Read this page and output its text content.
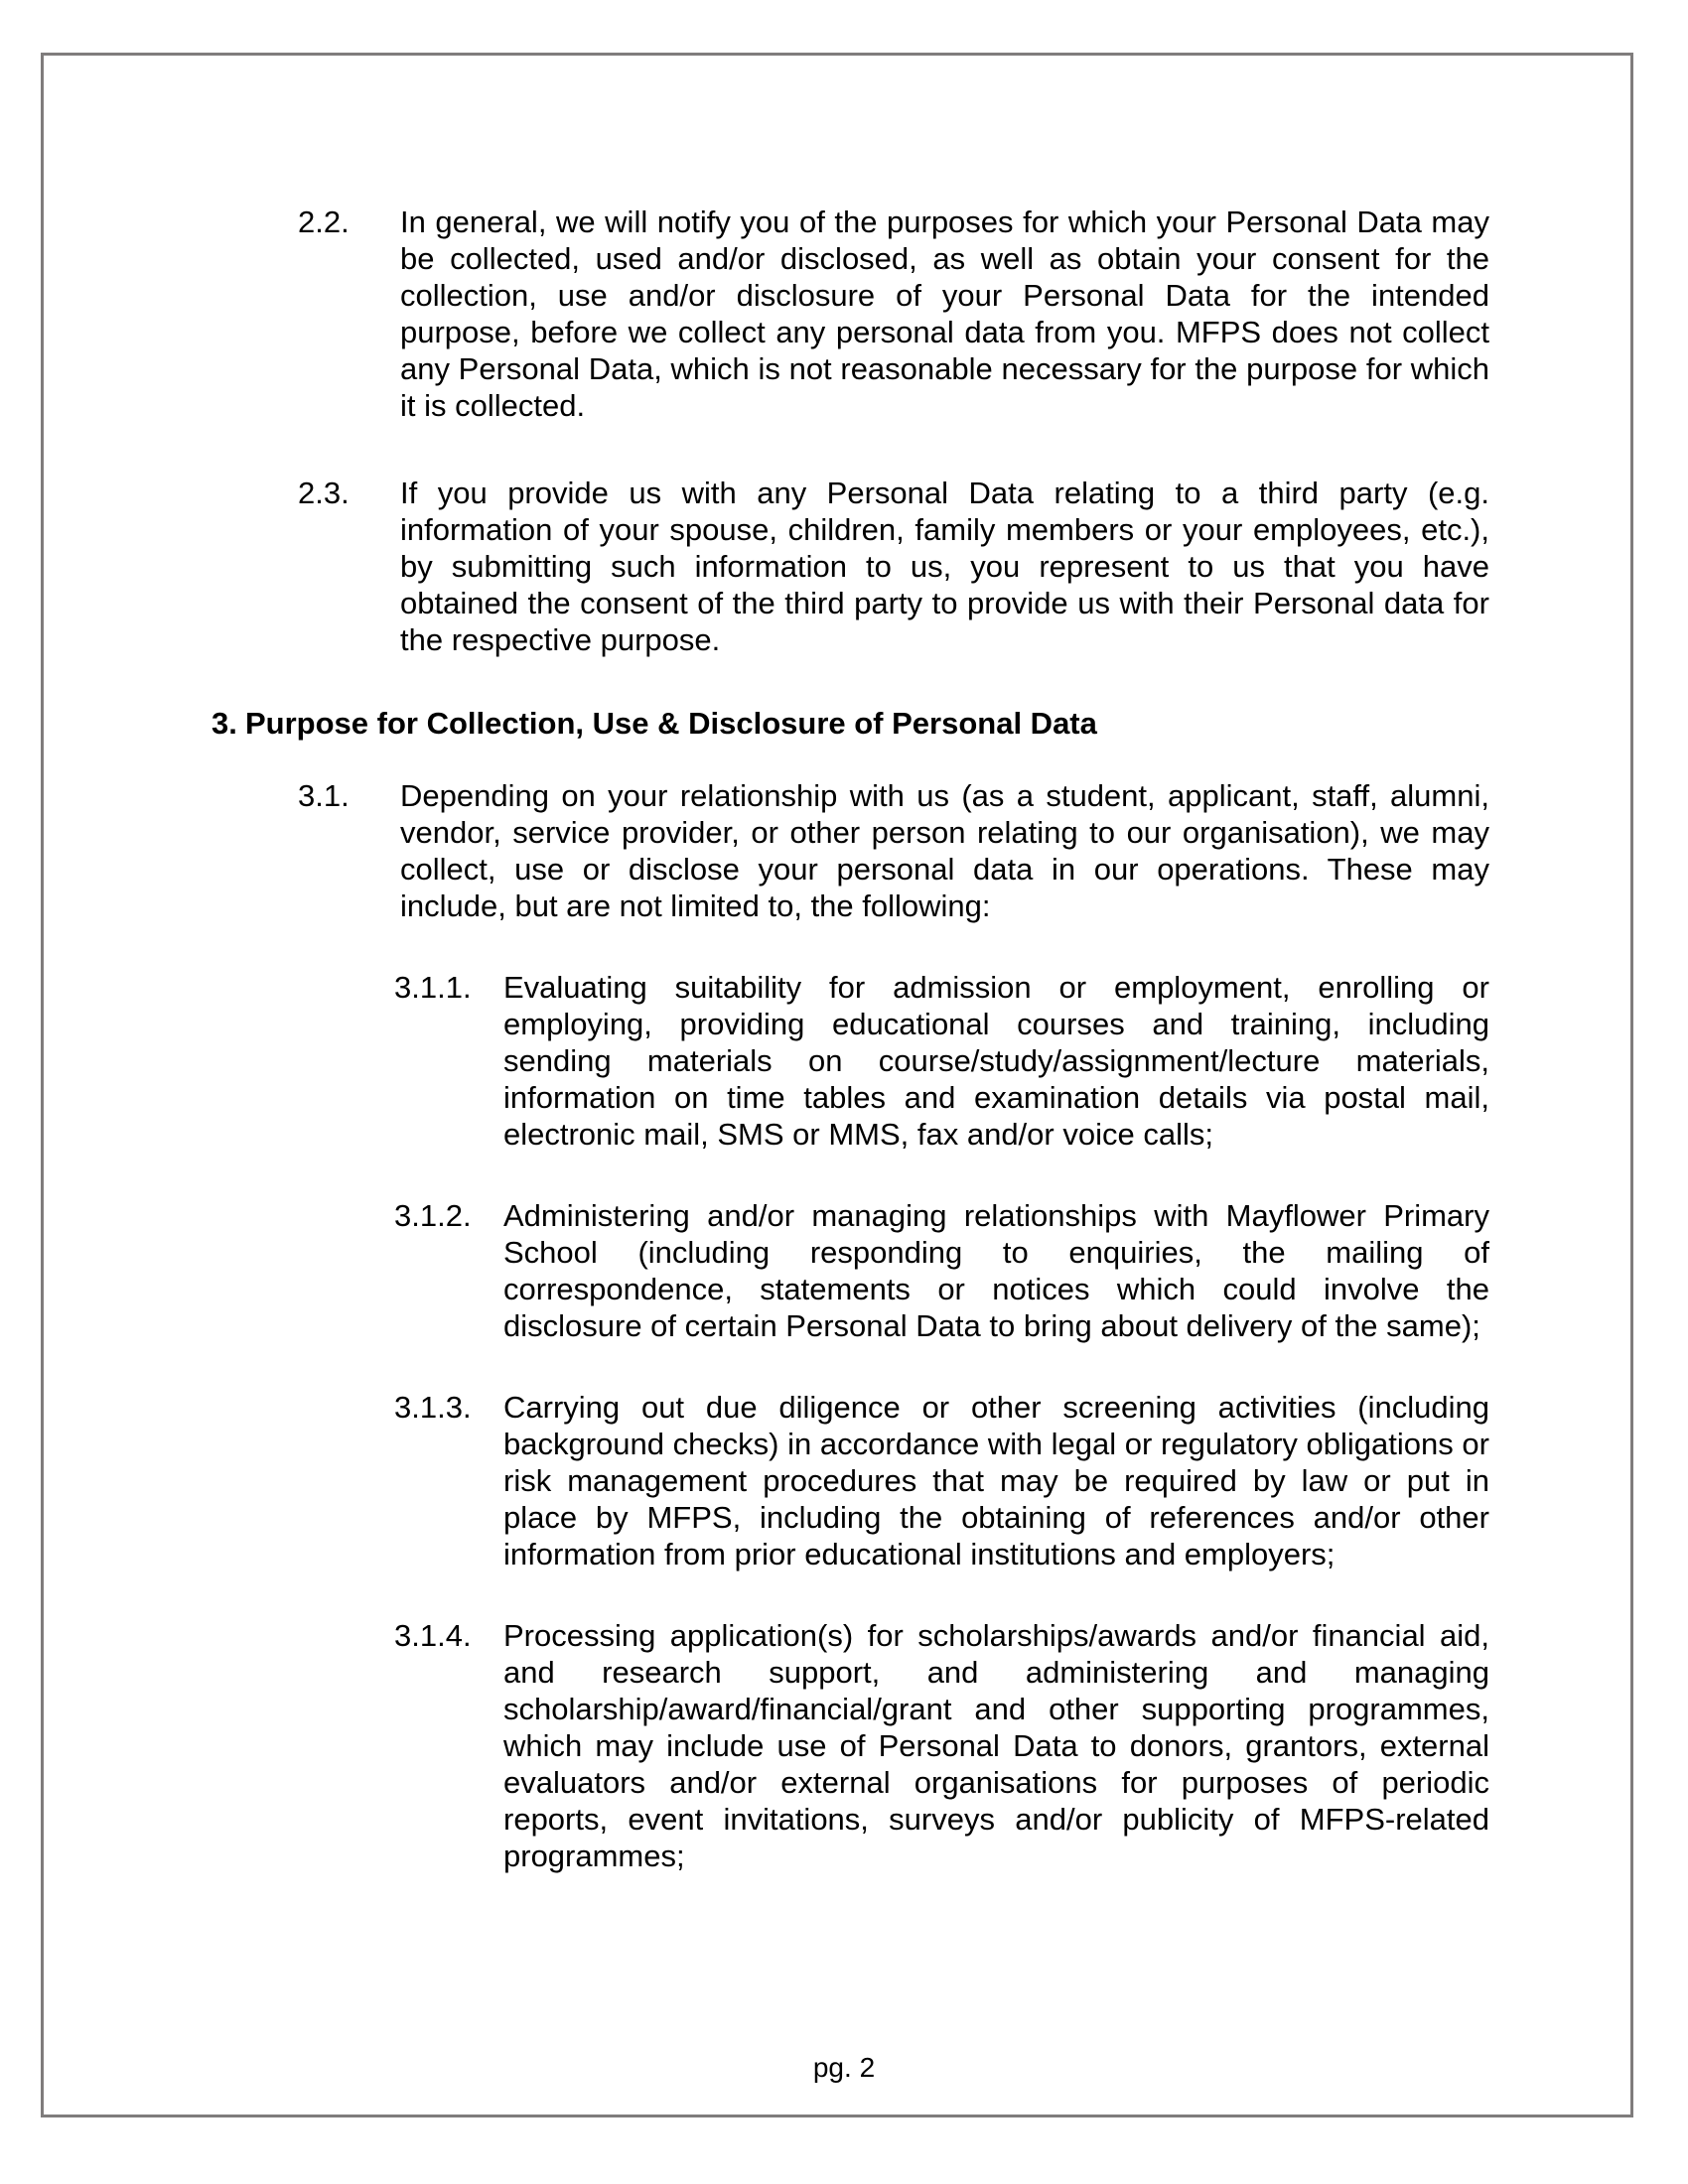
2.2.	In general, we will notify you of the purposes for which your Personal Data may be collected, used and/or disclosed, as well as obtain your consent for the collection, use and/or disclosure of your Personal Data for the intended purpose, before we collect any personal data from you. MFPS does not collect any Personal Data, which is not reasonable necessary for the purpose for which it is collected.

2.3.	If you provide us with any Personal Data relating to a third party (e.g. information of your spouse, children, family members or your employees, etc.), by submitting such information to us, you represent to us that you have obtained the consent of the third party to provide us with their Personal data for the respective purpose.

3. Purpose for Collection, Use & Disclosure of Personal Data

3.1.	Depending on your relationship with us (as a student, applicant, staff, alumni, vendor, service provider, or other person relating to our organisation), we may collect, use or disclose your personal data in our operations. These may include, but are not limited to, the following:

3.1.1.	Evaluating suitability for admission or employment, enrolling or employing, providing educational courses and training, including sending materials on course/study/assignment/lecture materials, information on time tables and examination details via postal mail, electronic mail, SMS or MMS, fax and/or voice calls;

3.1.2.	Administering and/or managing relationships with Mayflower Primary School (including responding to enquiries, the mailing of correspondence, statements or notices which could involve the disclosure of certain Personal Data to bring about delivery of the same);

3.1.3.	Carrying out due diligence or other screening activities (including background checks) in accordance with legal or regulatory obligations or risk management procedures that may be required by law or put in place by MFPS, including the obtaining of references and/or other information from prior educational institutions and employers;

3.1.4.	Processing application(s) for scholarships/awards and/or financial aid, and research support, and administering and managing scholarship/award/financial/grant and other supporting programmes, which may include use of Personal Data to donors, grantors, external evaluators and/or external organisations for purposes of periodic reports, event invitations, surveys and/or publicity of MFPS-related programmes;

pg. 2
